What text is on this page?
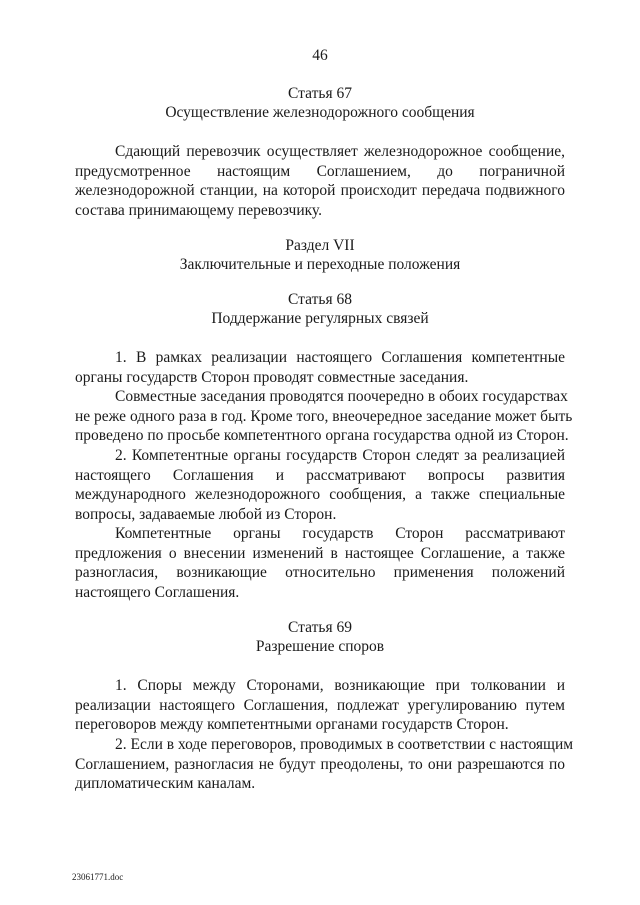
46
Статья 67
Осуществление железнодорожного сообщения
Сдающий перевозчик осуществляет железнодорожное сообщение,
предусмотренное настоящим Соглашением, до пограничной
железнодорожной станции, на которой происходит передача подвижного
состава принимающему перевозчику.
Раздел VII
Заключительные и переходные положения
Статья 68
Поддержание регулярных связей
1. В рамках реализации настоящего Соглашения компетентные
органы государств Сторон проводят совместные заседания.
Совместные заседания проводятся поочередно в обоих государствах
не реже одного раза в год. Кроме того, внеочередное заседание может быть
проведено по просьбе компетентного органа государства одной из Сторон.
2. Компетентные органы государств Сторон следят за реализацией
настоящего Соглашения и рассматривают вопросы развития
международного железнодорожного сообщения, а также специальные
вопросы, задаваемые любой из Сторон.
Компетентные органы государств Сторон рассматривают
предложения о внесении изменений в настоящее Соглашение, а также
разногласия, возникающие относительно применения положений
настоящего Соглашения.
Статья 69
Разрешение споров
1. Споры между Сторонами, возникающие при толковании и
реализации настоящего Соглашения, подлежат урегулированию путем
переговоров между компетентными органами государств Сторон.
2. Если в ходе переговоров, проводимых в соответствии с настоящим
Соглашением, разногласия не будут преодолены, то они разрешаются по
дипломатическим каналам.
23061771.doc
